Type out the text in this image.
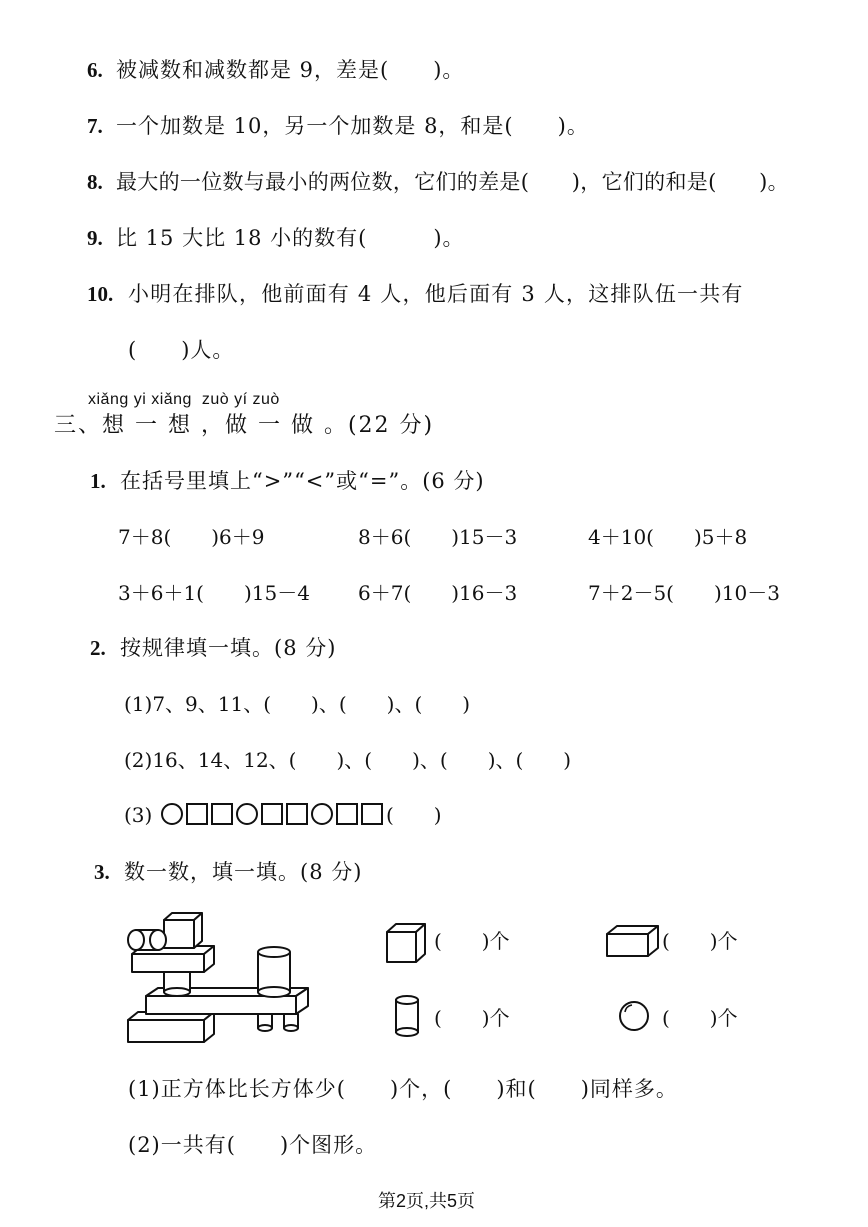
6. 被减数和减数都是 9，差是(　　)。
7. 一个加数是 10，另一个加数是 8，和是(　　)。
8. 最大的一位数与最小的两位数，它们的差是(　　)，它们的和是(　　)。
9. 比 15 大比 18 小的数有(　　　)。
10. 小明在排队，他前面有 4 人，他后面有 3 人，这排队伍一共有
(　　)人。
xiǎng yi xiǎng  zuò yí zuò
三、想 一 想 ，做 一 做 。(22 分)
1. 在括号里填上“>”“<”或“=”。(6 分)
7＋8(　　)6＋9	8＋6(　　)15－3	4＋10(　　)5＋8
3＋6＋1(　　)15－4 6＋7(　　)16－3	7＋2－5(　　)10－3
2. 按规律填一填。(8 分)
(1)7、9、11、(　　)、(　　)、(　　)
(2)16、14、12、(　　)、(　　)、(　　)、(　　)
(3)	(　　)
3. 数一数，填一填。(8 分)
(　　)个	(　　)个
(　　)个	(　　)个
(1)正方体比长方体少(　　)个，(　　)和(　　)同样多。
(2)一共有(　　)个图形。
第2页,共5页
